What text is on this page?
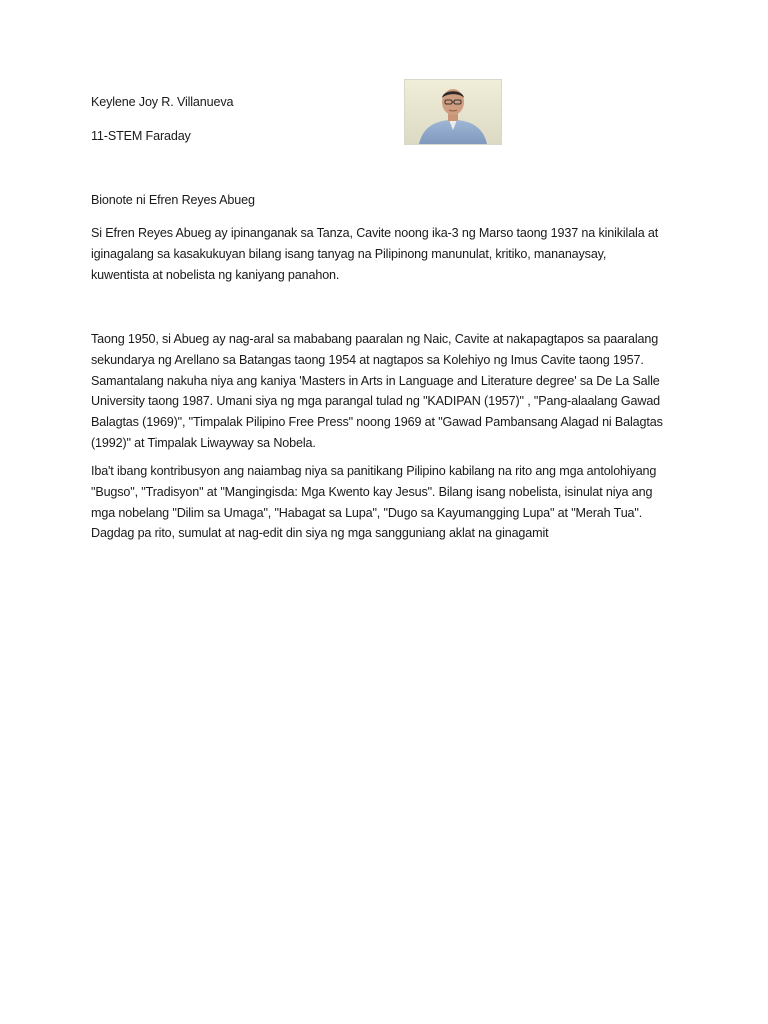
Keylene Joy R. Villanueva
11-STEM Faraday
Bionote ni Efren Reyes Abueg
Si Efren Reyes Abueg ay ipinanganak sa Tanza, Cavite noong ika-3 ng Marso taong 1937 na kinikilala at
iginagalang sa kasakukuyan bilang isang tanyag na Pilipinong manunulat, kritiko, mananaysay,
kuwentista at nobelista ng kaniyang panahon.
Taong 1950, si Abueg ay nag-aral sa mababang paaralan ng Naic, Cavite at nakapagtapos sa paaralang
sekundarya ng Arellano sa Batangas taong 1954 at nagtapos sa Kolehiyo ng Imus Cavite taong 1957.
Samantalang nakuha niya ang kaniya 'Masters in Arts in Language and Literature degree' sa De La Salle
University taong 1987. Umani siya ng mga parangal tulad ng "KADIPAN (1957)" , "Pang-alaalang Gawad
Balagtas (1969)", "Timpalak Pilipino Free Press" noong 1969 at "Gawad Pambansang Alagad ni Balagtas
(1992)" at Timpalak Liwayway sa Nobela.
Iba't ibang kontribusyon ang naiambag niya sa panitikang Pilipino kabilang na rito ang mga antolohiyang
"Bugso", "Tradisyon" at "Mangingisda: Mga Kwento kay Jesus". Bilang isang nobelista, isinulat niya ang
mga nobelang "Dilim sa Umaga", "Habagat sa Lupa", "Dugo sa Kayumangging Lupa" at "Merah Tua".
Dagdag pa rito, sumulat at nag-edit din siya ng mga sangguniang aklat na ginagamit
